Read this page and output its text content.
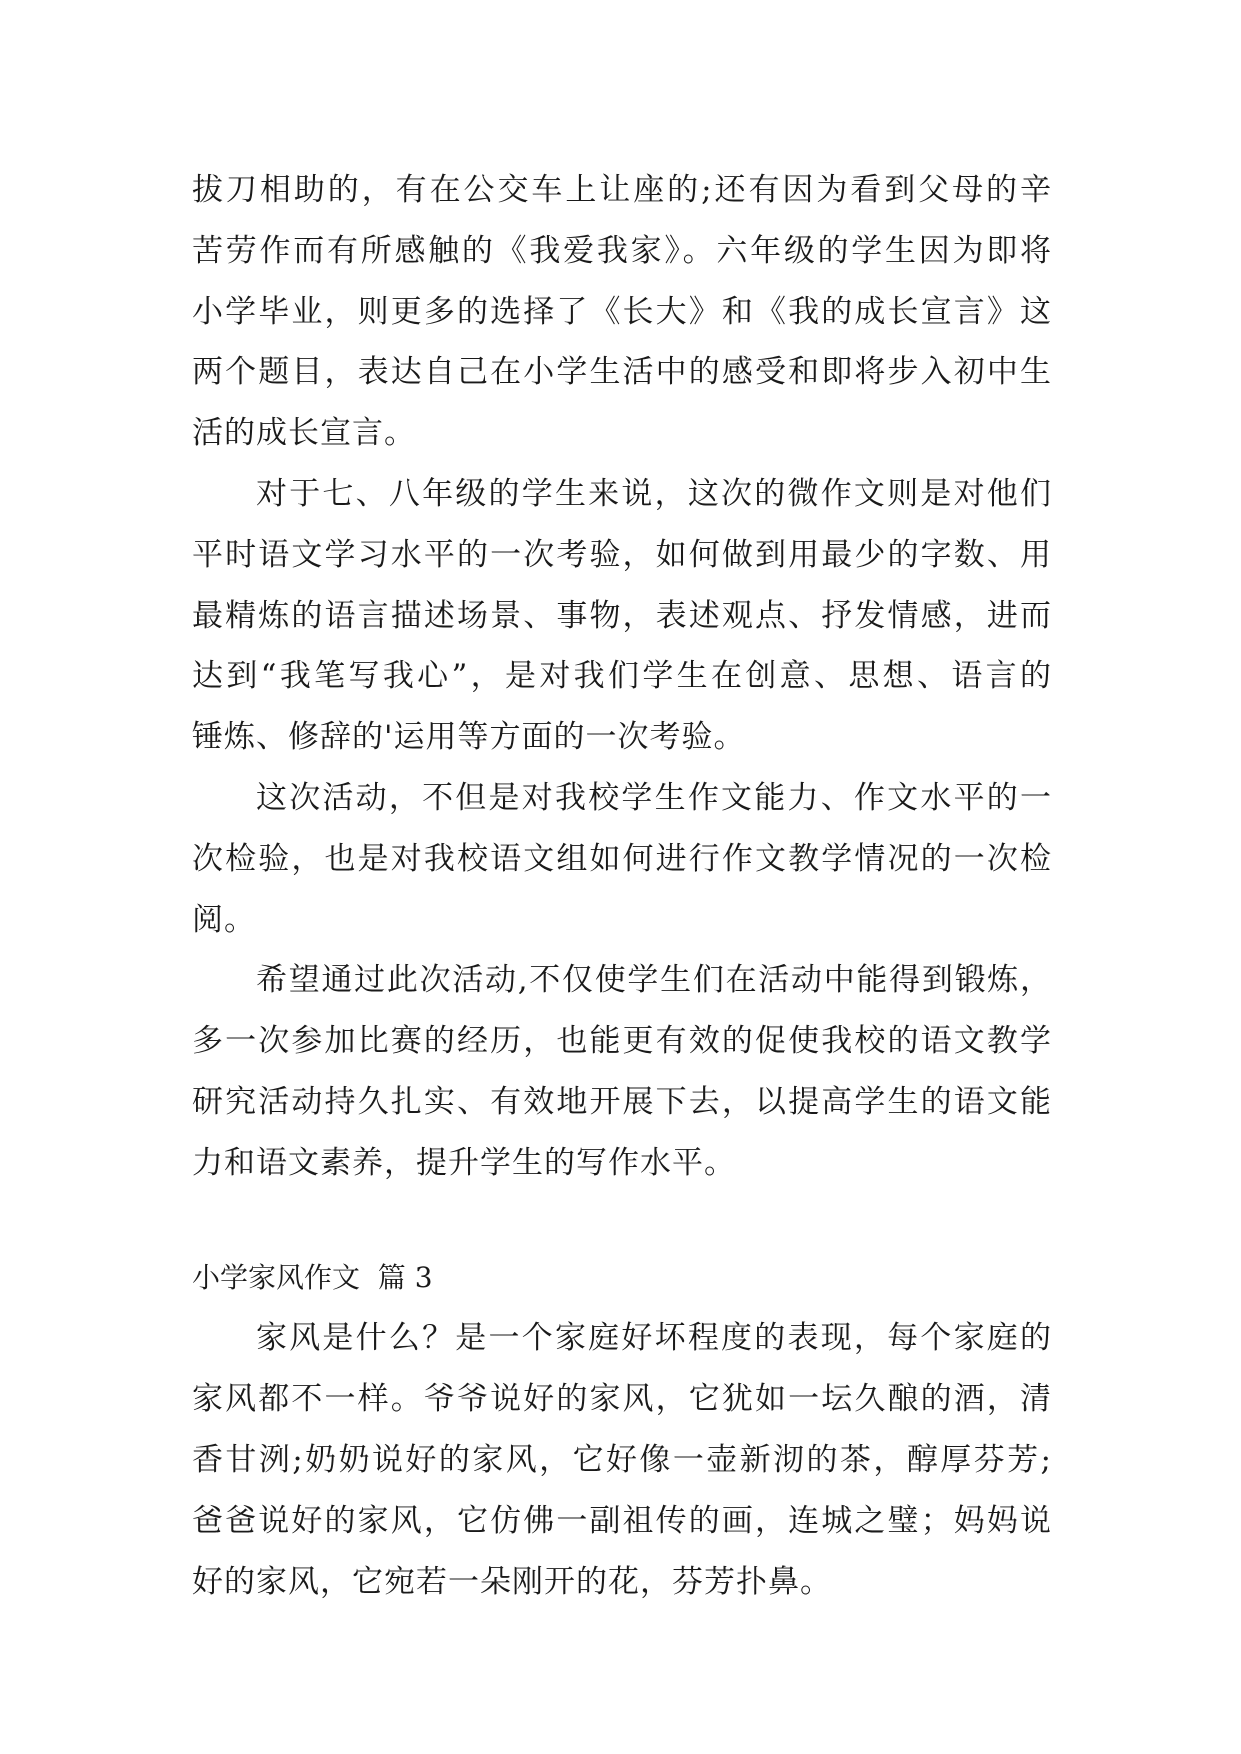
拔刀相助的，有在公交车上让座的;还有因为看到父母的辛
苦劳作而有所感触的《我爱我家》。六年级的学生因为即将
小学毕业，则更多的选择了《长大》和《我的成长宣言》这
两个题目，表达自己在小学生活中的感受和即将步入初中生
活的成长宣言。
对于七、八年级的学生来说，这次的微作文则是对他们
平时语文学习水平的一次考验，如何做到用最少的字数、用
最精炼的语言描述场景、事物，表述观点、抒发情感，进而
达到“我笔写我心”，是对我们学生在创意、思想、语言的
锤炼、修辞的'运用等方面的一次考验。
这次活动，不但是对我校学生作文能力、作文水平的一
次检验，也是对我校语文组如何进行作文教学情况的一次检
阅。
希望通过此次活动,不仅使学生们在活动中能得到锻炼，
多一次参加比赛的经历，也能更有效的促使我校的语文教学
研究活动持久扎实、有效地开展下去，以提高学生的语文能
力和语文素养，提升学生的写作水平。
小学家风作文  篇 3
家风是什么？是一个家庭好坏程度的表现，每个家庭的
家风都不一样。爷爷说好的家风，它犹如一坛久酿的酒，清
香甘洌;奶奶说好的家风，它好像一壶新沏的茶，醇厚芬芳;
爸爸说好的家风，它仿佛一副祖传的画，连城之璧；妈妈说
好的家风，它宛若一朵刚开的花，芬芳扑鼻。
